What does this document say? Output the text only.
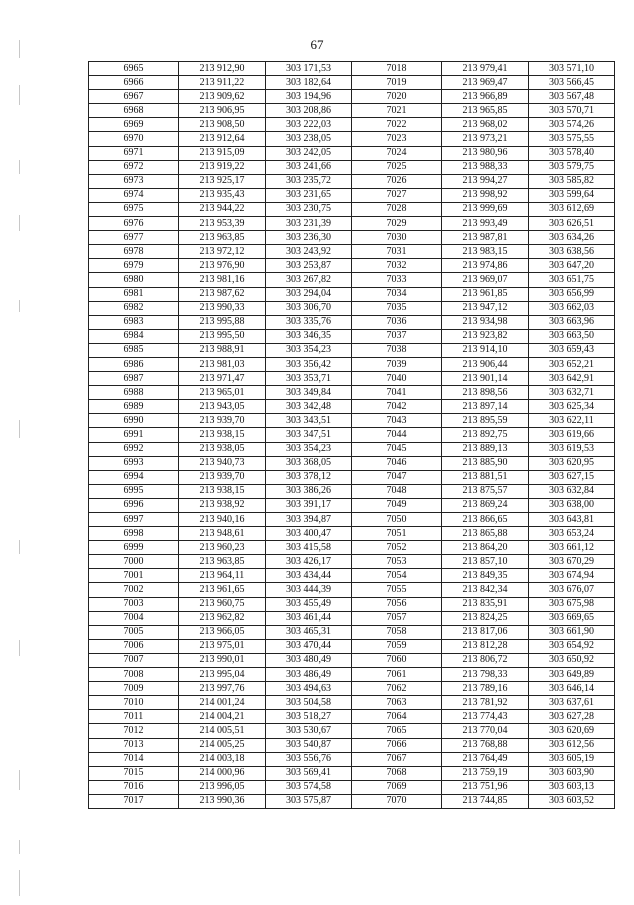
67
6965	213 912,90	303 171,53	7018	213 979,41	303 571,10
6966	213 911,22	303 182,64	7019	213 969,47	303 566,45
6967	213 909,62	303 194,96	7020	213 966,89	303 567,48
6968	213 906,95	303 208,86	7021	213 965,85	303 570,71
6969	213 908,50	303 222,03	7022	213 968,02	303 574,26
6970	213 912,64	303 238,05	7023	213 973,21	303 575,55
6971	213 915,09	303 242,05	7024	213 980,96	303 578,40
6972	213 919,22	303 241,66	7025	213 988,33	303 579,75
6973	213 925,17	303 235,72	7026	213 994,27	303 585,82
6974	213 935,43	303 231,65	7027	213 998,92	303 599,64
6975	213 944,22	303 230,75	7028	213 999,69	303 612,69
6976	213 953,39	303 231,39	7029	213 993,49	303 626,51
6977	213 963,85	303 236,30	7030	213 987,81	303 634,26
6978	213 972,12	303 243,92	7031	213 983,15	303 638,56
6979	213 976,90	303 253,87	7032	213 974,86	303 647,20
6980	213 981,16	303 267,82	7033	213 969,07	303 651,75
6981	213 987,62	303 294,04	7034	213 961,85	303 656,99
6982	213 990,33	303 306,70	7035	213 947,12	303 662,03
6983	213 995,88	303 335,76	7036	213 934,98	303 663,96
6984	213 995,50	303 346,35	7037	213 923,82	303 663,50
6985	213 988,91	303 354,23	7038	213 914,10	303 659,43
6986	213 981,03	303 356,42	7039	213 906,44	303 652,21
6987	213 971,47	303 353,71	7040	213 901,14	303 642,91
6988	213 965,01	303 349,84	7041	213 898,56	303 632,71
6989	213 943,05	303 342,48	7042	213 897,14	303 625,34
6990	213 939,70	303 343,51	7043	213 895,59	303 622,11
6991	213 938,15	303 347,51	7044	213 892,75	303 619,66
6992	213 938,05	303 354,23	7045	213 889,13	303 619,53
6993	213 940,73	303 368,05	7046	213 885,90	303 620,95
6994	213 939,70	303 378,12	7047	213 881,51	303 627,15
6995	213 938,15	303 386,26	7048	213 875,57	303 632,84
6996	213 938,92	303 391,17	7049	213 869,24	303 638,00
6997	213 940,16	303 394,87	7050	213 866,65	303 643,81
6998	213 948,61	303 400,47	7051	213 865,88	303 653,24
6999	213 960,23	303 415,58	7052	213 864,20	303 661,12
7000	213 963,85	303 426,17	7053	213 857,10	303 670,29
7001	213 964,11	303 434,44	7054	213 849,35	303 674,94
7002	213 961,65	303 444,39	7055	213 842,34	303 676,07
7003	213 960,75	303 455,49	7056	213 835,91	303 675,98
7004	213 962,82	303 461,44	7057	213 824,25	303 669,65
7005	213 966,05	303 465,31	7058	213 817,06	303 661,90
7006	213 975,01	303 470,44	7059	213 812,28	303 654,92
7007	213 990,01	303 480,49	7060	213 806,72	303 650,92
7008	213 995,04	303 486,49	7061	213 798,33	303 649,89
7009	213 997,76	303 494,63	7062	213 789,16	303 646,14
7010	214 001,24	303 504,58	7063	213 781,92	303 637,61
7011	214 004,21	303 518,27	7064	213 774,43	303 627,28
7012	214 005,51	303 530,67	7065	213 770,04	303 620,69
7013	214 005,25	303 540,87	7066	213 768,88	303 612,56
7014	214 003,18	303 556,76	7067	213 764,49	303 605,19
7015	214 000,96	303 569,41	7068	213 759,19	303 603,90
7016	213 996,05	303 574,58	7069	213 751,96	303 603,13
7017	213 990,36	303 575,87	7070	213 744,85	303 603,52
